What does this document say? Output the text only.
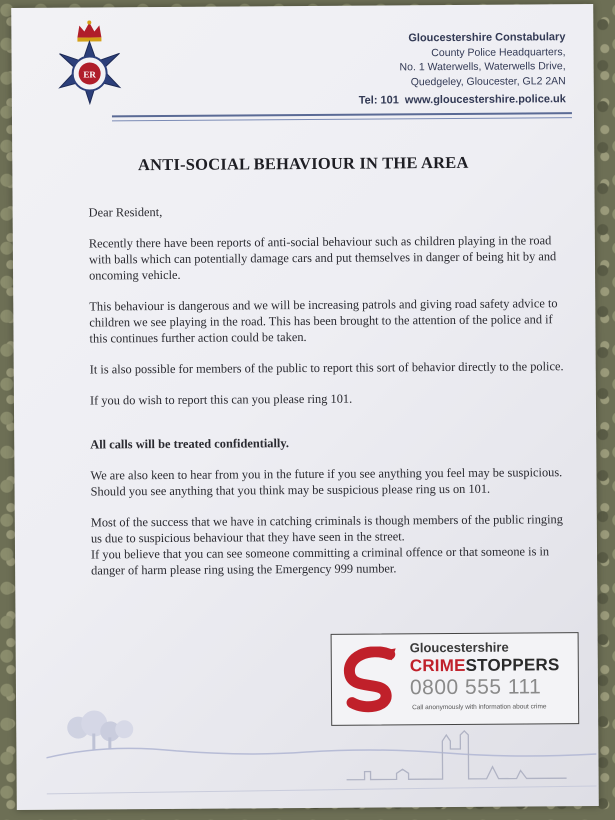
ER
Gloucestershire Constabulary
County Police Headquarters,
No. 1 Waterwells, Waterwells Drive,
Quedgeley, Gloucester, GL2 2AN
Tel: 101 www.gloucestershire.police.uk
ANTI-SOCIAL BEHAVIOUR IN THE AREA

Dear Resident,

Recently there have been reports of anti-social behaviour such as children playing in the road with balls which can potentially damage cars and put themselves in danger of being hit by and oncoming vehicle.

This behaviour is dangerous and we will be increasing patrols and giving road safety advice to children we see playing in the road. This has been brought to the attention of the police and if this continues further action could be taken.

It is also possible for members of the public to report this sort of behavior directly to the police.

If you do wish to report this can you please ring 101.

All calls will be treated confidentially.

We are also keen to hear from you in the future if you see anything you feel may be suspicious. Should you see anything that you think may be suspicious please ring us on 101.

Most of the success that we have in catching criminals is though members of the public ringing us due to suspicious behaviour that they have seen in the street.

If you believe that you can see someone committing a criminal offence or that someone is in danger of harm please ring using the Emergency 999 number.

Gloucestershire
CRIMESTOPPERS
0800 555 111
Call anonymously with information about crime
